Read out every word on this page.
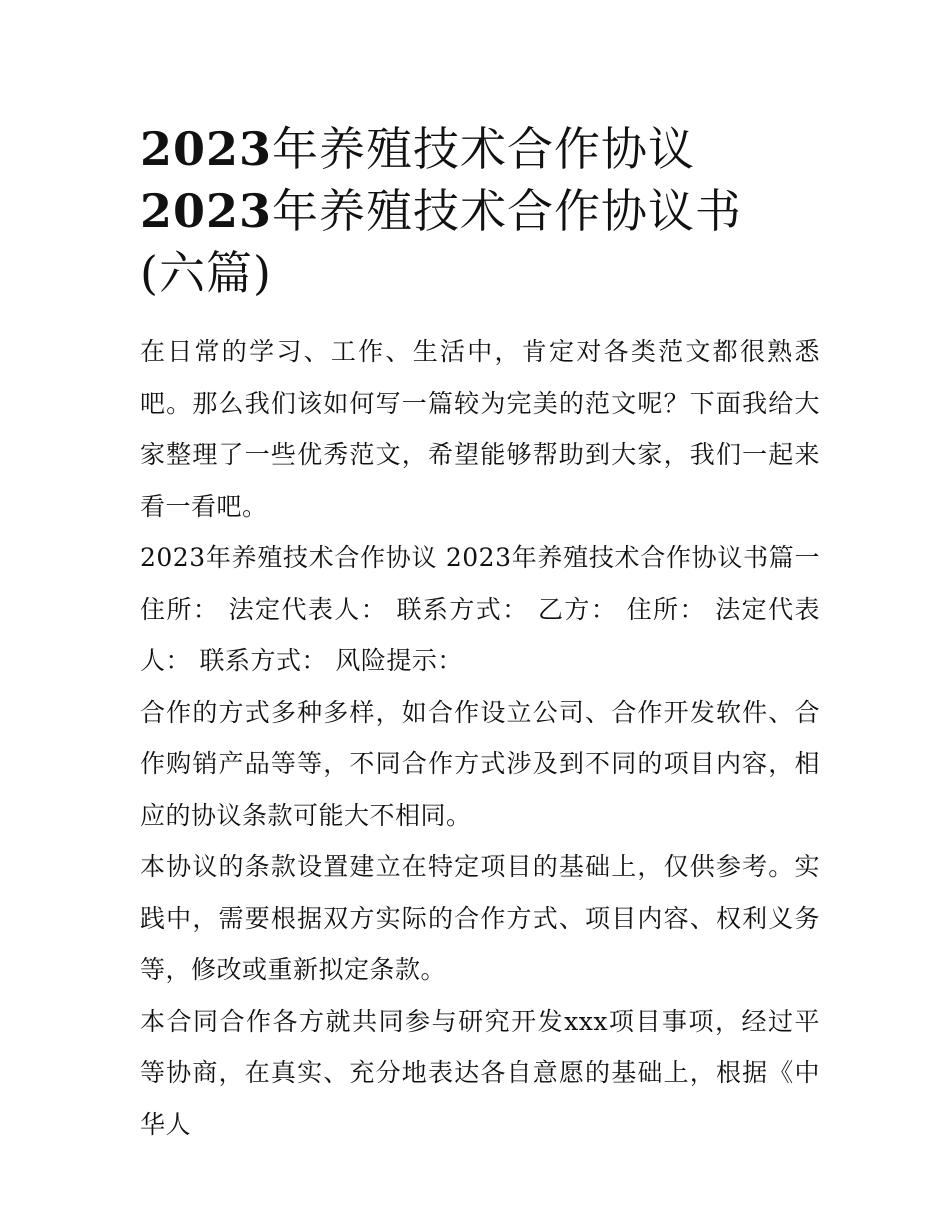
2023年养殖技术合作协议
2023年养殖技术合作协议书
(六篇)

在日常的学习、工作、生活中，肯定对各类范文都很熟悉吧。那么我们该如何写一篇较为完美的范文呢？下面我给大家整理了一些优秀范文，希望能够帮助到大家，我们一起来看一看吧。

2023年养殖技术合作协议 2023年养殖技术合作协议书篇一 住所： 法定代表人： 联系方式： 乙方： 住所： 法定代表人： 联系方式： 风险提示：

合作的方式多种多样，如合作设立公司、合作开发软件、合作购销产品等等，不同合作方式涉及到不同的项目内容，相应的协议条款可能大不相同。

本协议的条款设置建立在特定项目的基础上，仅供参考。实践中，需要根据双方实际的合作方式、项目内容、权利义务等，修改或重新拟定条款。

本合同合作各方就共同参与研究开发xxx项目事项，经过平等协商，在真实、充分地表达各自意愿的基础上，根据《中华人
